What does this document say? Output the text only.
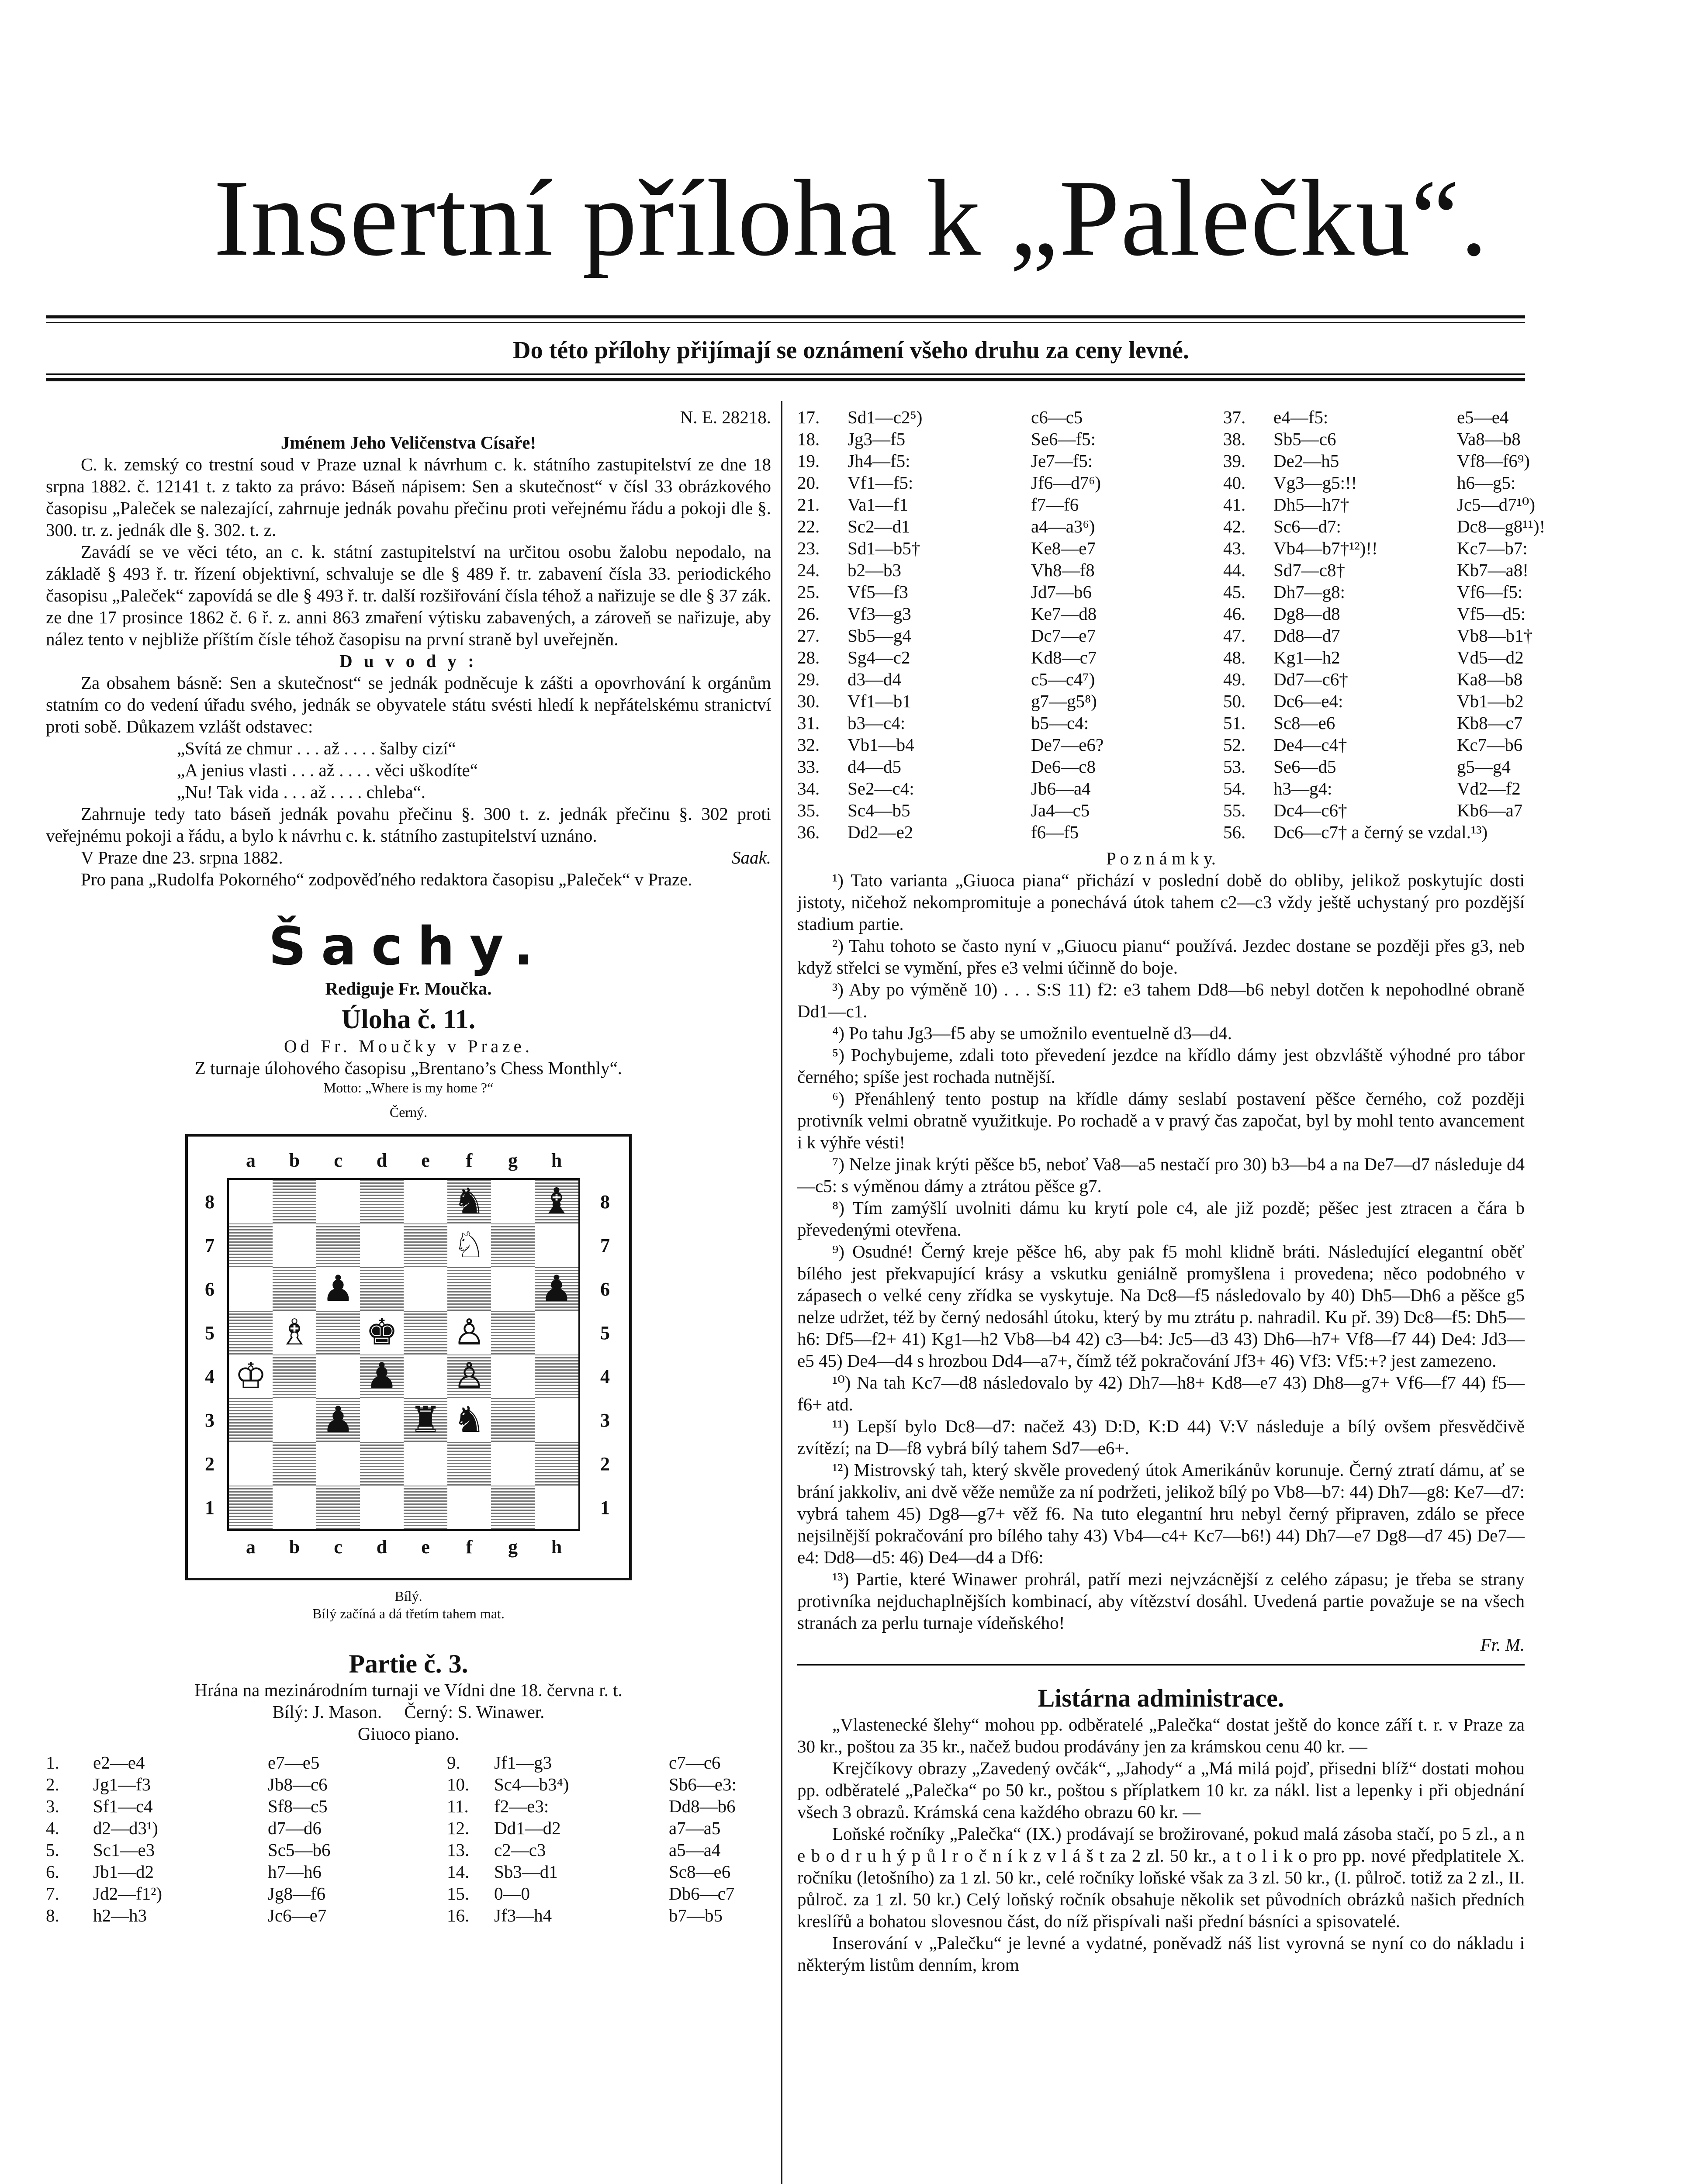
Insertní příloha k „Palečku“.
Do této přílohy přijímají se oznámení všeho druhu za ceny levné.
N. E. 28218.
Jménem Jeho Veličenstva Císaře!

C. k. zemský co trestní soud v Praze uznal k návrhum c. k. státního zastupitelství ze dne 18 srpna 1882. č. 12141 t. z takto za právo: Báseň nápisem: Sen a skutečnost“ v čísl 33 obrázkového časopisu „Paleček se nalezající, zahrnuje jednák povahu přečinu proti veřejnému řádu a pokoji dle §. 300. tr. z. jednák dle §. 302. t. z.

Zavádí se ve věci této, an c. k. státní zastupitelství na určitou osobu žalobu nepodalo, na základě § 493 ř. tr. řízení objektivní, schvaluje se dle § 489 ř. tr. zabavení čísla 33. periodického časopisu „Paleček“ zapovídá se dle § 493 ř. tr. další rozšiřování čísla téhož a nařizuje se dle § 37 zák. ze dne 17 prosince 1862 č. 6 ř. z. anni 863 zmaření výtisku zabavených, a zároveň se nařizuje, aby nález tento v nejbliže příštím čísle téhož časopisu na první straně byl uveřejněn.

D u v o d y :

Za obsahem básně: Sen a skutečnost“ se jednák podněcuje k zášti a opovrhování k orgánům statním co do vedení úřadu svého, jednák se obyvatele státu svésti hledí k nepřátelskému stranictví proti sobě. Důkazem vzlášt odstavec:

„Svítá ze chmur . . . až . . . . šalby cizí“
„A jenius vlasti . . . až . . . . věci uškodíte“
„Nu! Tak vida . . . až . . . . chleba“.

Zahrnuje tedy tato báseň jednák povahu přečinu §. 300 t. z. jednák přečinu §. 302 proti veřejnému pokoji a řádu, a bylo k návrhu c. k. státního zastupitelství uznáno.

V Praze dne 23. srpna 1882.	Saak.

Pro pana „Rudolfa Pokorného“ zodpověďného redaktora časopisu „Paleček“ v Praze.

Šachy.
Rediguje Fr. Moučka.
Úloha č. 11.
Od Fr. Moučky v Praze.
Z turnaje úlohového časopisu „Brentano’s Chess Monthly“.
Motto: „Where is my home ?“
Černý.
♞ ♝
♘
♟	♟
♗ ♚ ♙
♔	♟ ♙
♟ ♜ ♞
a
a
b
b
c
c
d
d
e
e
f
f
g
g
h
h
8	8
7	7
6	6
5	5
4	4
3	3
2	2
1	1
Bílý.
Bílý začíná a dá třetím tahem mat.
Partie č. 3.
Hrána na mezinárodním turnaji ve Vídni dne 18. června r. t.
Bílý: J. Mason.     Černý: S. Winawer.
Giuoco piano.
1.	e2—e4	e7—e5	9.	Jf1—g3	c7—c6
2.	Jg1—f3	Jb8—c6	10.	Sc4—b3⁴)	Sb6—e3:
3.	Sf1—c4	Sf8—c5	11.	f2—e3:	Dd8—b6
4.	d2—d3¹)	d7—d6	12.	Dd1—d2	a7—a5
5.	Sc1—e3	Sc5—b6	13.	c2—c3	a5—a4
6.	Jb1—d2	h7—h6	14.	Sb3—d1	Sc8—e6
7.	Jd2—f1²)	Jg8—f6	15.	0—0	Db6—c7
8.	h2—h3	Jc6—e7	16.	Jf3—h4	b7—b5
17.	Sd1—c2⁵)	c6—c5	37.	e4—f5:	e5—e4
18.	Jg3—f5	Se6—f5:	38.	Sb5—c6	Va8—b8
19.	Jh4—f5:	Je7—f5:	39.	De2—h5	Vf8—f6⁹)
20.	Vf1—f5:	Jf6—d7⁶)	40.	Vg3—g5:!!	h6—g5:
21.	Va1—f1	f7—f6	41.	Dh5—h7†	Jc5—d7¹⁰)
22.	Sc2—d1	a4—a3⁶)	42.	Sc6—d7:	Dc8—g8¹¹)!
23.	Sd1—b5†	Ke8—e7	43.	Vb4—b7†¹²)!!	Kc7—b7:
24.	b2—b3	Vh8—f8	44.	Sd7—c8†	Kb7—a8!
25.	Vf5—f3	Jd7—b6	45.	Dh7—g8:	Vf6—f5:
26.	Vf3—g3	Ke7—d8	46.	Dg8—d8	Vf5—d5:
27.	Sb5—g4	Dc7—e7	47.	Dd8—d7	Vb8—b1†
28.	Sg4—c2	Kd8—c7	48.	Kg1—h2	Vd5—d2
29.	d3—d4	c5—c4⁷)	49.	Dd7—c6†	Ka8—b8
30.	Vf1—b1	g7—g5⁸)	50.	Dc6—e4:	Vb1—b2
31.	b3—c4:	b5—c4:	51.	Sc8—e6	Kb8—c7
32.	Vb1—b4	De7—e6?	52.	De4—c4†	Kc7—b6
33.	d4—d5	De6—c8	53.	Se6—d5	g5—g4
34.	Se2—c4:	Jb6—a4	54.	h3—g4:	Vd2—f2
35.	Sc4—b5	Ja4—c5	55.	Dc4—c6†	Kb6—a7
36.	Dd2—e2	f6—f5	56.	Dc6—c7† a černý se vzdal.¹³)
P o z n á m k y.

¹) Tato varianta „Giuoca piana“ přichází v poslední době do obliby, jelikož poskytujíc dosti jistoty, ničehož nekompromituje a ponechává útok tahem c2—c3 vždy ještě uchystaný pro pozdější stadium partie.

²) Tahu tohoto se často nyní v „Giuocu pianu“ používá. Jezdec dostane se později přes g3, neb když střelci se vymění, přes e3 velmi účinně do boje.

³) Aby po výměně 10) . . . S:S 11) f2: e3 tahem Dd8—b6 nebyl dotčen k nepohodlné obraně Dd1—c1.

⁴) Po tahu Jg3—f5 aby se umožnilo eventuelně d3—d4.

⁵) Pochybujeme, zdali toto převedení jezdce na křídlo dámy jest obzvláště výhodné pro tábor černého; spíše jest rochada nutnější.

⁶) Přenáhlený tento postup na křídle dámy seslabí postavení pěšce černého, což později protivník velmi obratně využitkuje. Po rochadě a v pravý čas započat, byl by mohl tento avancement i k výhře vésti!

⁷) Nelze jinak krýti pěšce b5, neboť Va8—a5 nestačí pro 30) b3—b4 a na De7—d7 následuje d4—c5: s výměnou dámy a ztrátou pěšce g7.

⁸) Tím zamýšlí uvolniti dámu ku krytí pole c4, ale již pozdě; pěšec jest ztracen a čára b převedenými otevřena.

⁹) Osudné! Černý kreje pěšce h6, aby pak f5 mohl klidně bráti. Následující elegantní oběť bílého jest překvapující krásy a vskutku geniálně promyšlena i provedena; něco podobného v zápasech o velké ceny zřídka se vyskytuje. Na Dc8—f5 následovalo by 40) Dh5—Dh6 a pěšce g5 nelze udržet, též by černý nedosáhl útoku, který by mu ztrátu p. nahradil. Ku př. 39) Dc8—f5: Dh5—h6: Df5—f2+ 41) Kg1—h2 Vb8—b4 42) c3—b4: Jc5—d3 43) Dh6—h7+ Vf8—f7 44) De4: Jd3—e5 45) De4—d4 s hrozbou Dd4—a7+, čímž též pokračování Jf3+ 46) Vf3: Vf5:+? jest zamezeno.

¹⁰) Na tah Kc7—d8 následovalo by 42) Dh7—h8+ Kd8—e7 43) Dh8—g7+ Vf6—f7 44) f5—f6+ atd.

¹¹) Lepší bylo Dc8—d7: načež 43) D:D, K:D 44) V:V následuje a bílý ovšem přesvědčivě zvítězí; na D—f8 vybrá bílý tahem Sd7—e6+.

¹²) Mistrovský tah, který skvěle provedený útok Amerikánův korunuje. Černý ztratí dámu, ať se brání jakkoliv, ani dvě věže nemůže za ní podržeti, jelikož bílý po Vb8—b7: 44) Dh7—g8: Ke7—d7: vybrá tahem 45) Dg8—g7+ věž f6. Na tuto elegantní hru nebyl černý připraven, zdálo se přece nejsilnější pokračování pro bílého tahy 43) Vb4—c4+ Kc7—b6!) 44) Dh7—e7 Dg8—d7 45) De7—e4: Dd8—d5: 46) De4—d4 a Df6:

¹³) Partie, které Winawer prohrál, patří mezi nejvzácnější z celého zápasu; je třeba se strany protivníka nejduchaplnějších kombinací, aby vítězství dosáhl. Uvedená partie považuje se na všech stranách za perlu turnaje vídeňského!

Fr. M.
Listárna administrace.

„Vlastenecké šlehy“ mohou pp. odběratelé „Palečka“ dostat ještě do konce září t. r. v Praze za 30 kr., poštou za 35 kr., načež budou prodávány jen za krámskou cenu 40 kr. —

Krejčíkovy obrazy „Zavedený ovčák“, „Jahody“ a „Má milá pojď, přisedni blíž“ dostati mohou pp. odběratelé „Palečka“ po 50 kr., poštou s příplatkem 10 kr. za nákl. list a lepenky i při objednání všech 3 obrazů. Krámská cena každého obrazu 60 kr. —

Loňské ročníky „Palečka“ (IX.) prodávají se brožirované, pokud malá zásoba stačí, po 5 zl., a n e b o d r u h ý p ů l r o č n í k z v l á š t za 2 zl. 50 kr., a t o l i k o pro pp. nové předplatitele X. ročníku (letošního) za 1 zl. 50 kr., celé ročníky loňské však za 3 zl. 50 kr., (I. půlroč. totiž za 2 zl., II. půlroč. za 1 zl. 50 kr.) Celý loňský ročník obsahuje několik set původních obrázků našich předních kreslířů a bohatou slovesnou část, do níž přispívali naši přední básníci a spisovatelé.

Inserování v „Palečku“ je levné a vydatné, poněvadž náš list vyrovná se nyní co do nákladu i některým listům denním, krom
